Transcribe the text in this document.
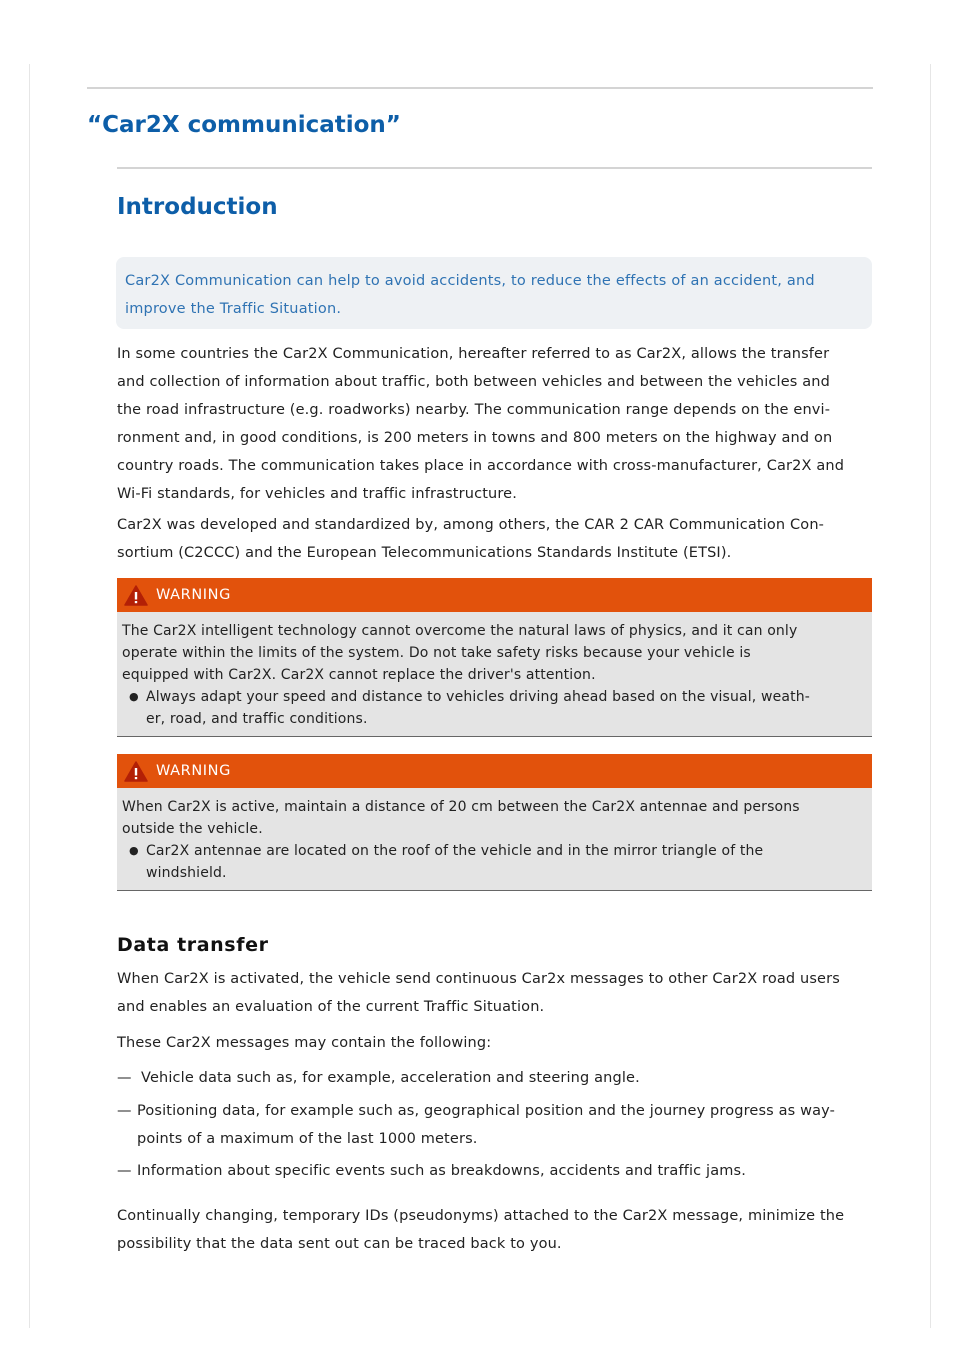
“Car2X communication”
Introduction

Car2X Communication can help to avoid accidents, to reduce the effects of an accident, and

improve the Traffic Situation.

In some countries the Car2X Communication, hereafter referred to as Car2X, allows the transfer
and collection of information about traffic, both between vehicles and between the vehicles and
the road infrastructure (e.g. roadworks) nearby. The communication range depends on the envi-
ronment and, in good conditions, is 200 meters in towns and 800 meters on the highway and on
country roads. The communication takes place in accordance with cross-manufacturer, Car2X and
Wi-Fi standards, for vehicles and traffic infrastructure.
Car2X was developed and standardized by, among others, the CAR 2 CAR Communication Con-
sortium (C2CCC) and the European Telecommunications Standards Institute (ETSI).
WARNING

The Car2X intelligent technology cannot overcome the natural laws of physics, and it can only

operate within the limits of the system. Do not take safety risks because your vehicle is

equipped with Car2X. Car2X cannot replace the driver's attention.

● Always adapt your speed and distance to vehicles driving ahead based on the visual, weath-
er, road, and traffic conditions.
WARNING

When Car2X is active, maintain a distance of 20 cm between the Car2X antennae and persons

outside the vehicle.

● Car2X antennae are located on the roof of the vehicle and in the mirror triangle of the
windshield.
Data transfer
When Car2X is activated, the vehicle send continuous Car2x messages to other Car2X road users
and enables an evaluation of the current Traffic Situation.
These Car2X messages may contain the following:
— Vehicle data such as, for example, acceleration and steering angle.
— Positioning data, for example such as, geographical position and the journey progress as way-
points of a maximum of the last 1000 meters.
— Information about specific events such as breakdowns, accidents and traffic jams.
Continually changing, temporary IDs (pseudonyms) attached to the Car2X message, minimize the
possibility that the data sent out can be traced back to you.
